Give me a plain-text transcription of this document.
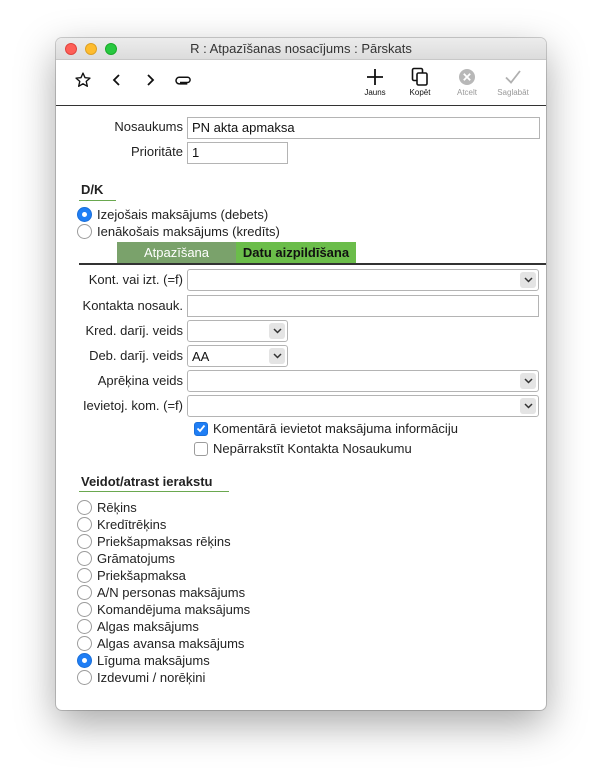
R : Atpazīšanas nosacījums : Pārskats
Jauns	Kopēt	Atcelt	Saglabāt
Nosaukums PN akta apmaksa
Prioritāte 1
D/K
Izejošais maksājums (debets)
Ienākošais maksājums (kredīts)
Atpazīšana	Datu aizpildīšana
Kont. vai izt. (=f)
Kontakta nosauk.
Kred. darīj. veids
Deb. darīj. veids AA
Aprēķina veids
Ievietoj. kom. (=f)
Komentārā ievietot maksājuma informāciju
Nepārrakstīt Kontakta Nosaukumu
Veidot/atrast ierakstu
Rēķins
Kredītrēķins
Priekšapmaksas rēķins
Grāmatojums
Priekšapmaksa
A/N personas maksājums
Komandējuma maksājums
Algas maksājums
Algas avansa maksājums
Līguma maksājums
Izdevumi / norēķini
